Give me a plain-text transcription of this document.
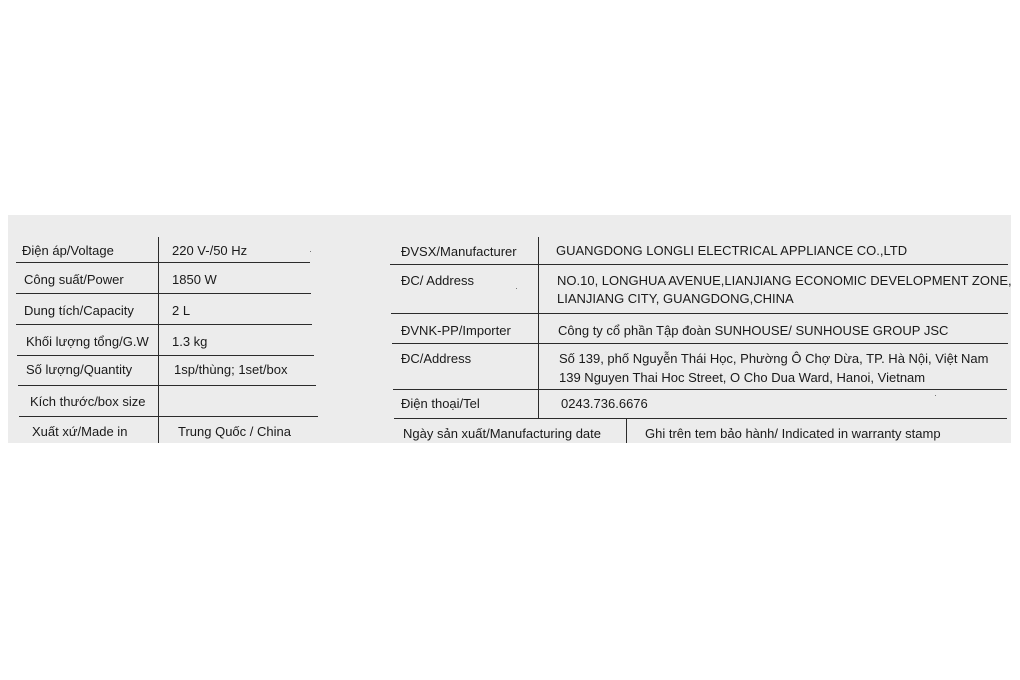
Điện áp/Voltage	220 V-/50 Hz
Công suất/Power	1850 W
Dung tích/Capacity	2 L
Khối lượng tổng/G.W 1.3 kg
Số lượng/Quantity	1sp/thùng; 1set/box
Kích thước/box size
Xuất xứ/Made in	Trung Quốc / China
ĐVSX/Manufacturer	GUANGDONG LONGLI ELECTRICAL APPLIANCE CO.,LTD
ĐC/ Address	NO.10, LONGHUA AVENUE,LIANJIANG ECONOMIC DEVELOPMENT ZONE,
LIANJIANG CITY, GUANGDONG,CHINA
ĐVNK-PP/Importer	Công ty cổ phần Tập đoàn SUNHOUSE/ SUNHOUSE GROUP JSC
ĐC/Address	Số 139, phố Nguyễn Thái Học, Phường Ô Chợ Dừa, TP. Hà Nội, Việt Nam
139 Nguyen Thai Hoc Street, O Cho Dua Ward, Hanoi, Vietnam
Điện thoại/Tel	0243.736.6676
Ngày sản xuất/Manufacturing date	Ghi trên tem bảo hành/ Indicated in warranty stamp
